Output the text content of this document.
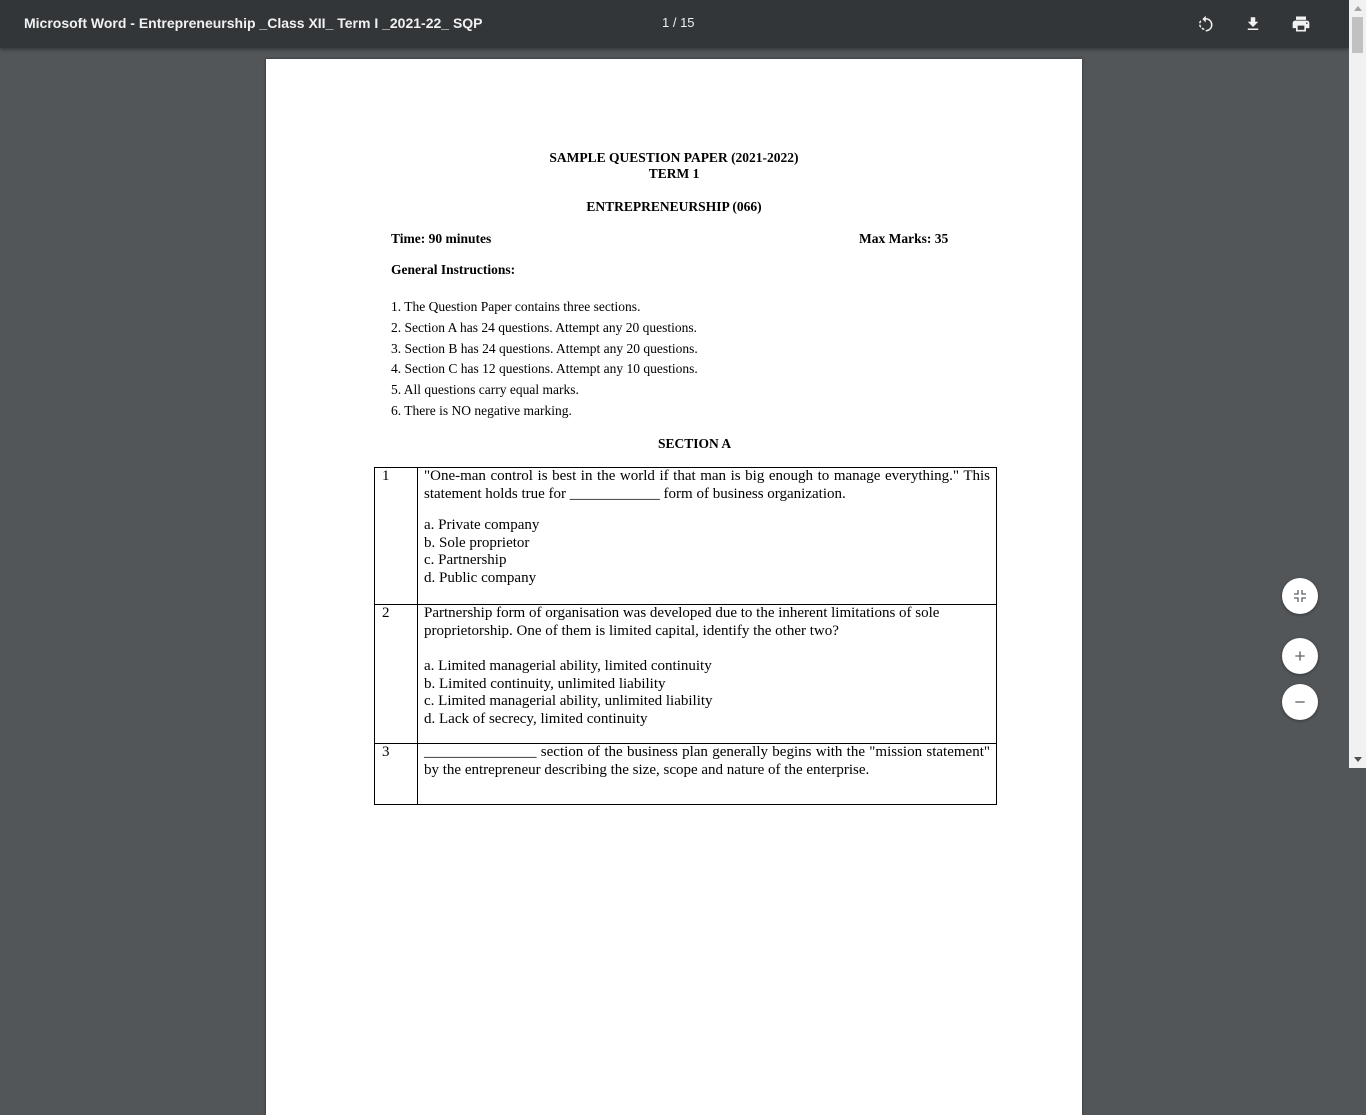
Microsoft Word - Entrepreneurship _Class XII_ Term I _2021-22_ SQP	1 / 15
SAMPLE QUESTION PAPER (2021-2022)
TERM 1
ENTREPRENEURSHIP (066)
Time: 90 minutes	Max Marks: 35
General Instructions:
1. The Question Paper contains three sections.
2. Section A has 24 questions. Attempt any 20 questions.
3. Section B has 24 questions. Attempt any 20 questions.
4. Section C has 12 questions. Attempt any 10 questions.
5. All questions carry equal marks.
6. There is NO negative marking.
SECTION A
1	"One-man control is best in the world if that man is big enough to manage everything." This statement holds true for ____________ form of business organization.

a. Private company
b. Sole proprietor
c. Partnership
d. Public company

2	Partnership form of organisation was developed due to the inherent limitations of sole proprietorship. One of them is limited capital, identify the other two?

a. Limited managerial ability, limited continuity
b. Limited continuity, unlimited liability
c. Limited managerial ability, unlimited liability
d. Lack of secrecy, limited continuity

3	_______________ section of the business plan generally begins with the "mission statement" by the entrepreneur describing the size, scope and nature of the enterprise.
